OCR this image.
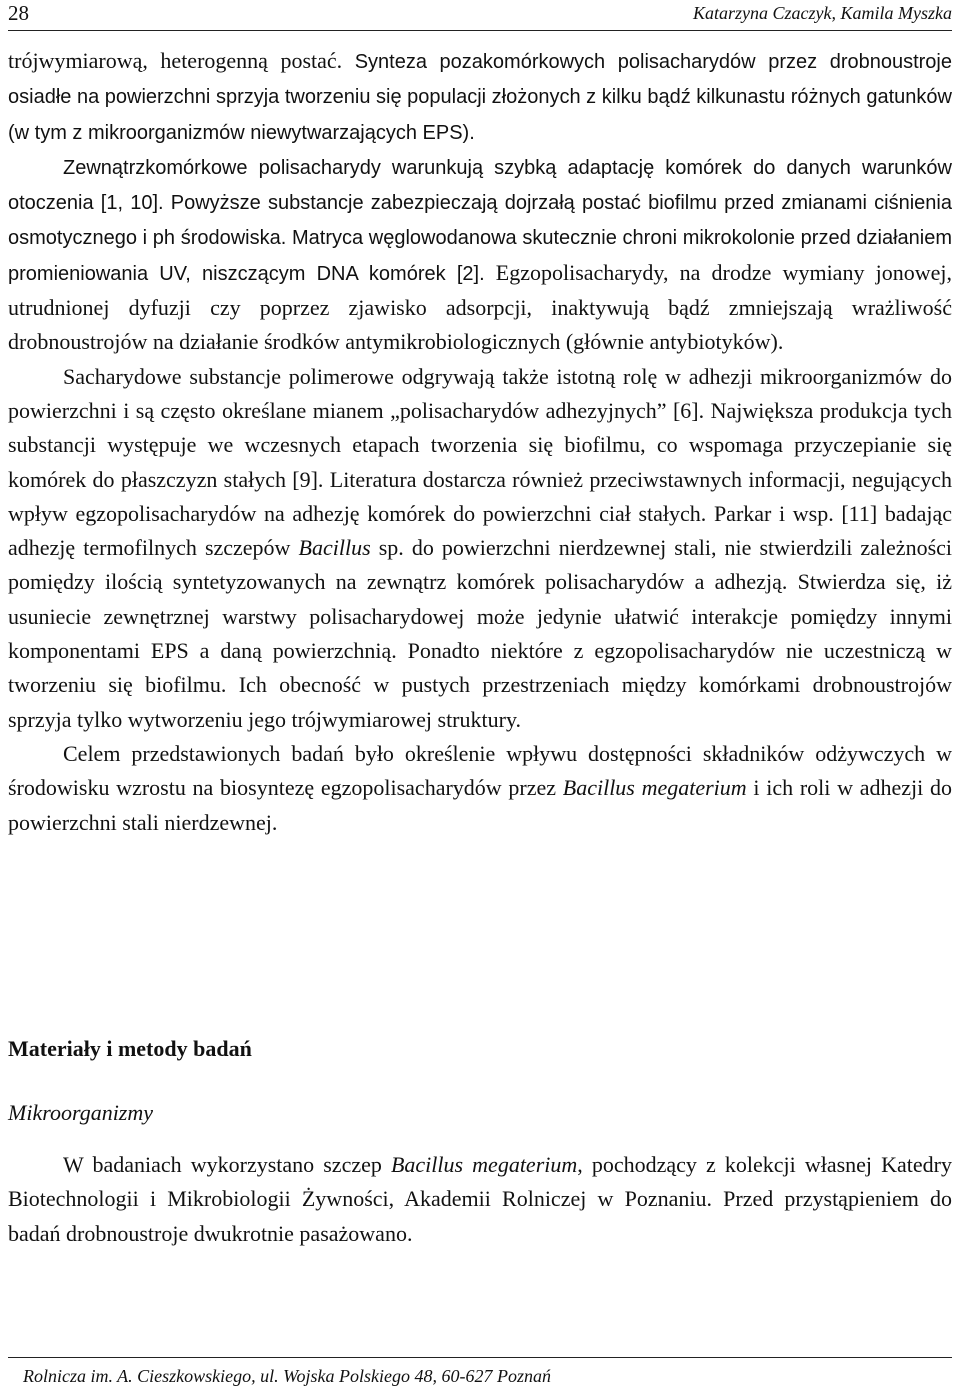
28	Katarzyna Czaczyk, Kamila Myszka

trójwymiarową, heterogenną postać. Synteza pozakomórkowych polisacharydów przez drobnoustroje osiadłe na powierzchni sprzyja tworzeniu się populacji złożonych z kilku bądź kilkunastu różnych gatunków (w tym z mikroorganizmów niewytwarzających EPS).

Zewnątrzkomórkowe polisacharydy warunkują szybką adaptację komórek do danych warunków otoczenia [1, 10]. Powyższe substancje zabezpieczają dojrzałą postać biofilmu przed zmianami ciśnienia osmotycznego i ph środowiska. Matryca węglowodanowa skutecznie chroni mikrokolonie przed działaniem promieniowania UV, niszczącym DNA komórek [2]. Egzopolisacharydy, na drodze wymiany jonowej, utrudnionej dyfuzji czy poprzez zjawisko adsorpcji, inaktywują bądź zmniejszają wrażliwość drobnoustrojów na działanie środków antymikrobiologicznych (głównie antybiotyków).

Sacharydowe substancje polimerowe odgrywają także istotną rolę w adhezji mikroorganizmów do powierzchni i są często określane mianem „polisacharydów adhezyjnych” [6]. Największa produkcja tych substancji występuje we wczesnych etapach tworzenia się biofilmu, co wspomaga przyczepianie się komórek do płaszczyzn stałych [9]. Literatura dostarcza również przeciwstawnych informacji, negujących wpływ egzopolisacharydów na adhezję komórek do powierzchni ciał stałych. Parkar i wsp. [11] badając adhezję termofilnych szczepów Bacillus sp. do powierzchni nierdzewnej stali, nie stwierdzili zależności pomiędzy ilością syntetyzowanych na zewnątrz komórek polisacharydów a adhezją. Stwierdza się, iż usuniecie zewnętrznej warstwy polisacharydowej może jedynie ułatwić interakcje pomiędzy innymi komponentami EPS a daną powierzchnią. Ponadto niektóre z egzopolisacharydów nie uczestniczą w tworzeniu się biofilmu. Ich obecność w pustych przestrzeniach między komórkami drobnoustrojów sprzyja tylko wytworzeniu jego trójwymiarowej struktury.

Celem przedstawionych badań było określenie wpływu dostępności składników odżywczych w środowisku wzrostu na biosyntezę egzopolisacharydów przez Bacillus megaterium i ich roli w adhezji do powierzchni stali nierdzewnej.

Materiały i metody badań
Mikroorganizmy

W badaniach wykorzystano szczep Bacillus megaterium, pochodzący z kolekcji własnej Katedry Biotechnologii i Mikrobiologii Żywności, Akademii Rolniczej w Poznaniu. Przed przystąpieniem do badań drobnoustroje dwukrotnie pasażowano.

Rolnicza im. A. Cieszkowskiego, ul. Wojska Polskiego 48, 60-627 Poznań
